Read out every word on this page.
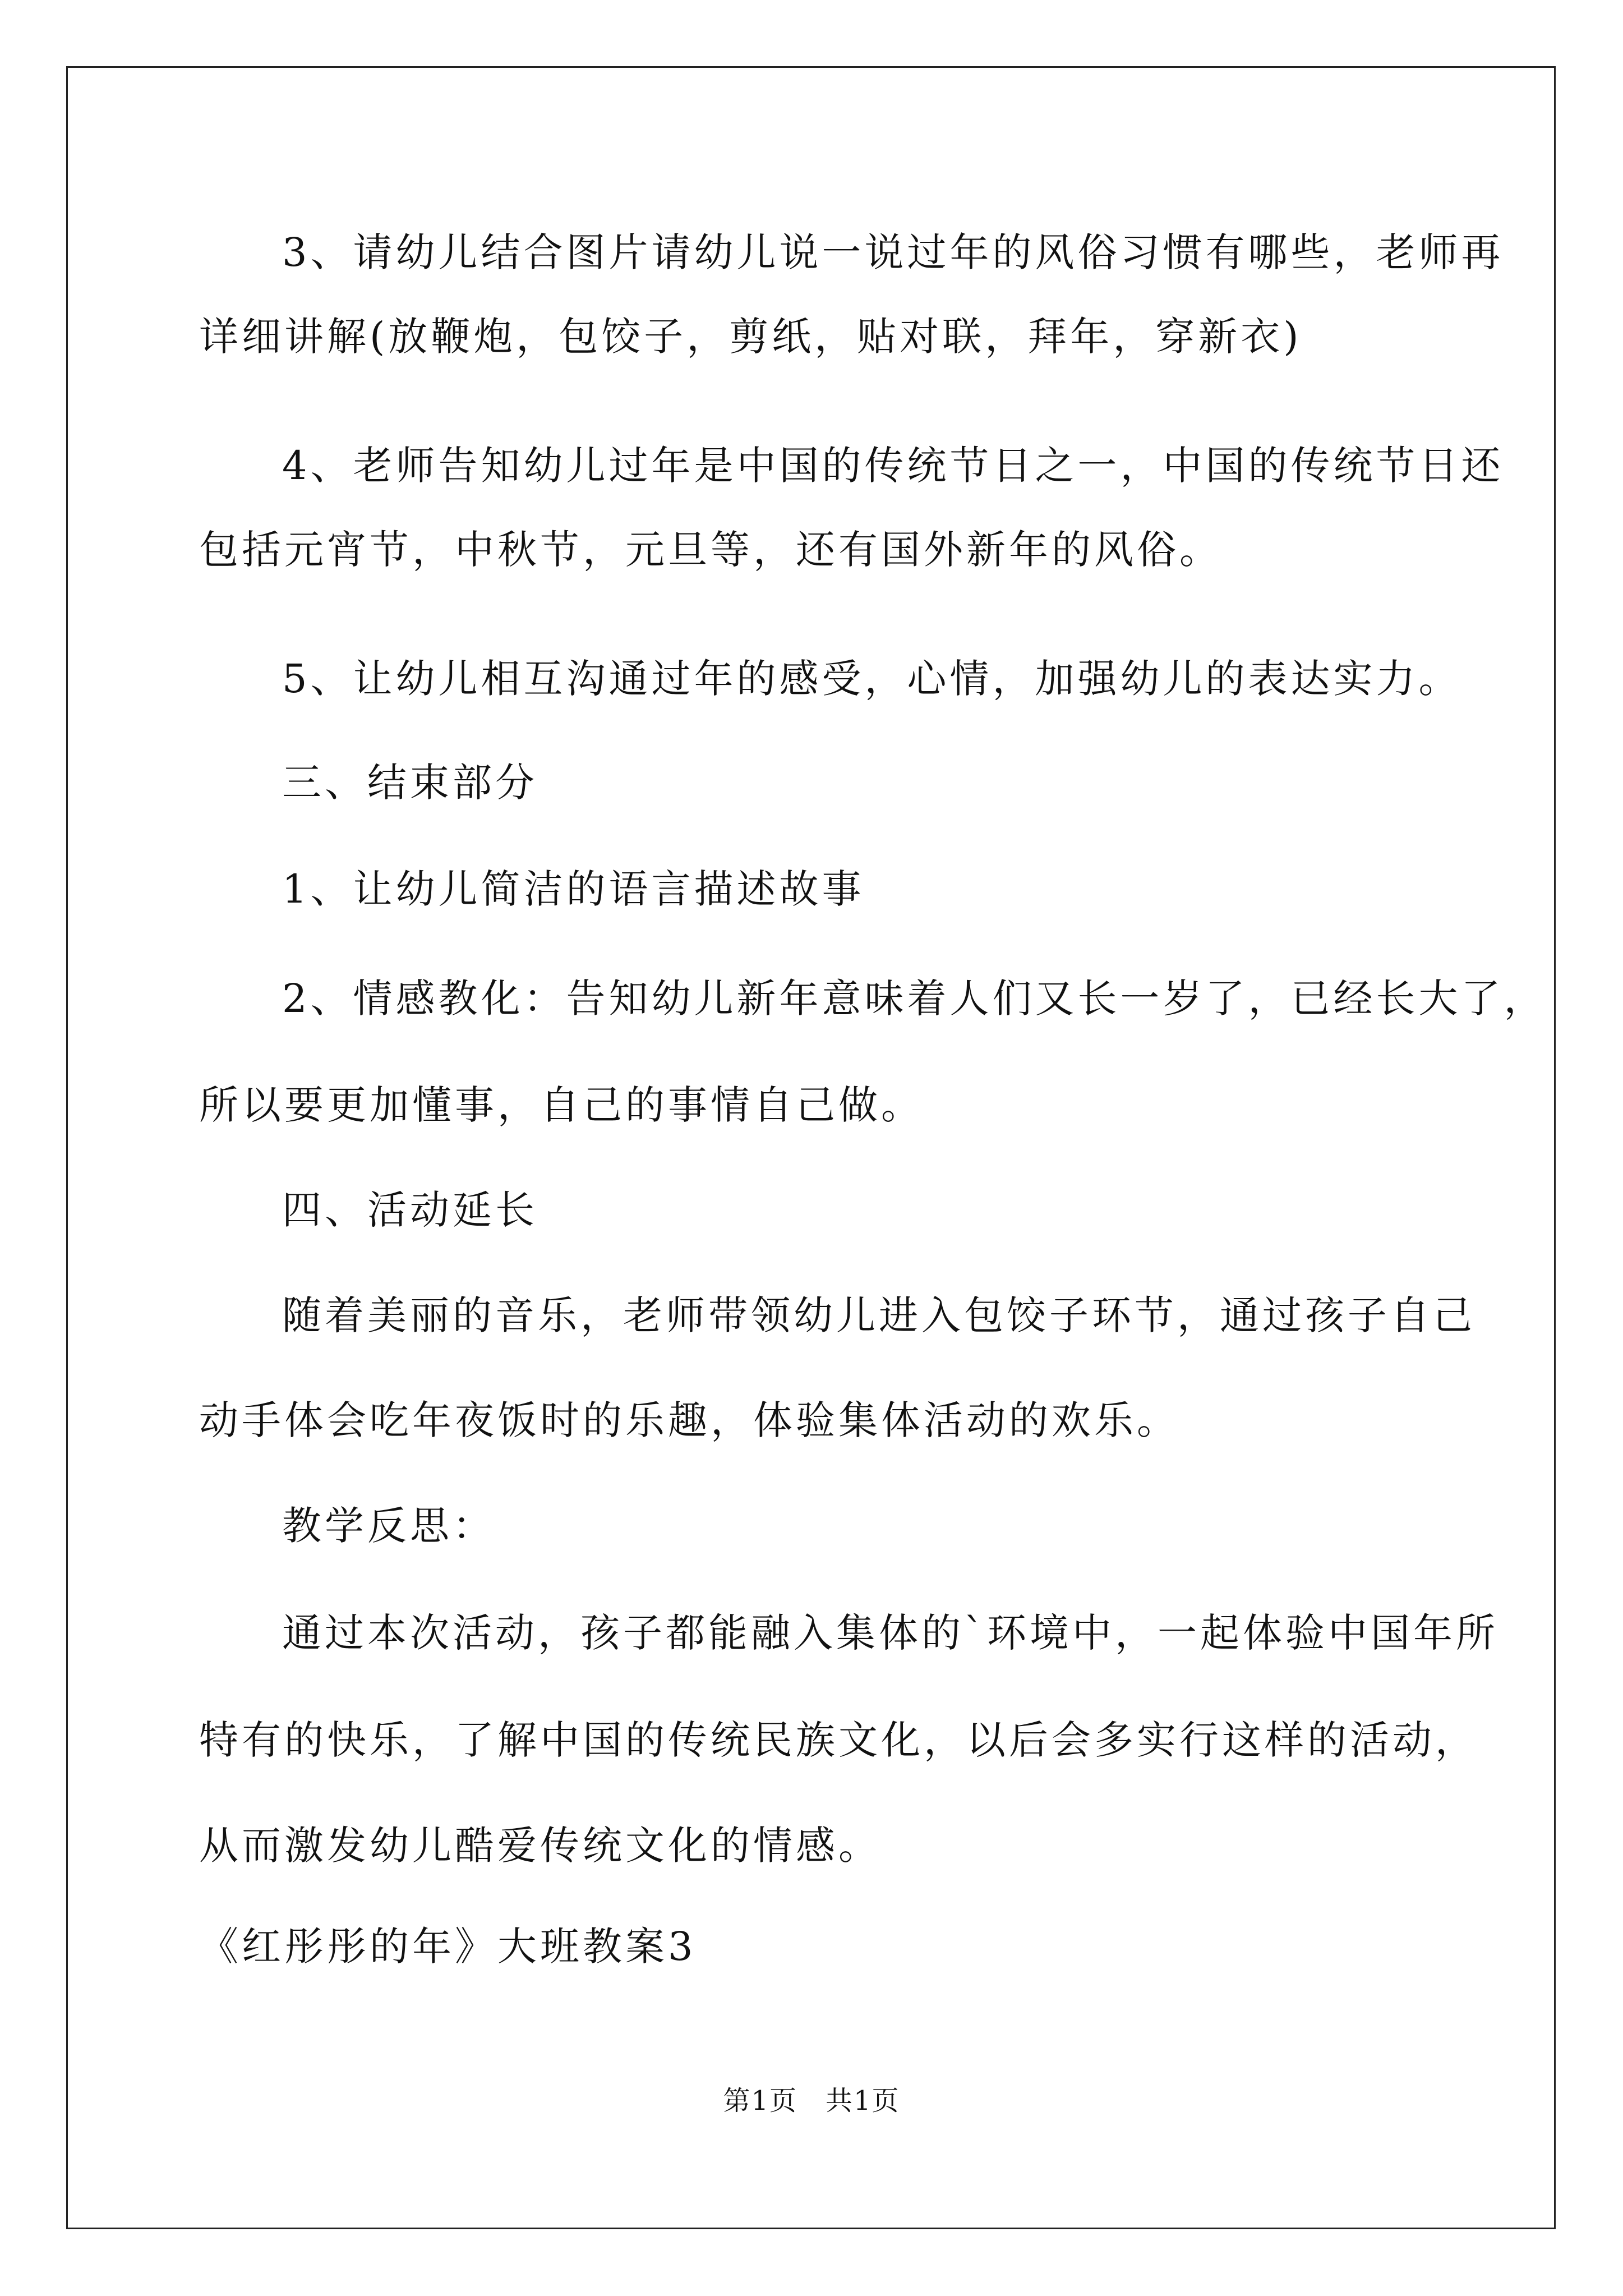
3、请幼儿结合图片请幼儿说一说过年的风俗习惯有哪些，老师再
详细讲解(放鞭炮，包饺子，剪纸，贴对联，拜年，穿新衣)
4、老师告知幼儿过年是中国的传统节日之一，中国的传统节日还
包括元宵节，中秋节，元旦等，还有国外新年的风俗。
5、让幼儿相互沟通过年的感受，心情，加强幼儿的表达实力。
三、结束部分
1、让幼儿简洁的语言描述故事
2、情感教化：告知幼儿新年意味着人们又长一岁了，已经长大了，
所以要更加懂事，自己的事情自己做。
四、活动延长
随着美丽的音乐，老师带领幼儿进入包饺子环节，通过孩子自己
动手体会吃年夜饭时的乐趣，体验集体活动的欢乐。
教学反思：
通过本次活动，孩子都能融入集体的`环境中，一起体验中国年所
特有的快乐，了解中国的传统民族文化，以后会多实行这样的活动，
从而激发幼儿酷爱传统文化的情感。
《红彤彤的年》大班教案3
第1页　共1页
